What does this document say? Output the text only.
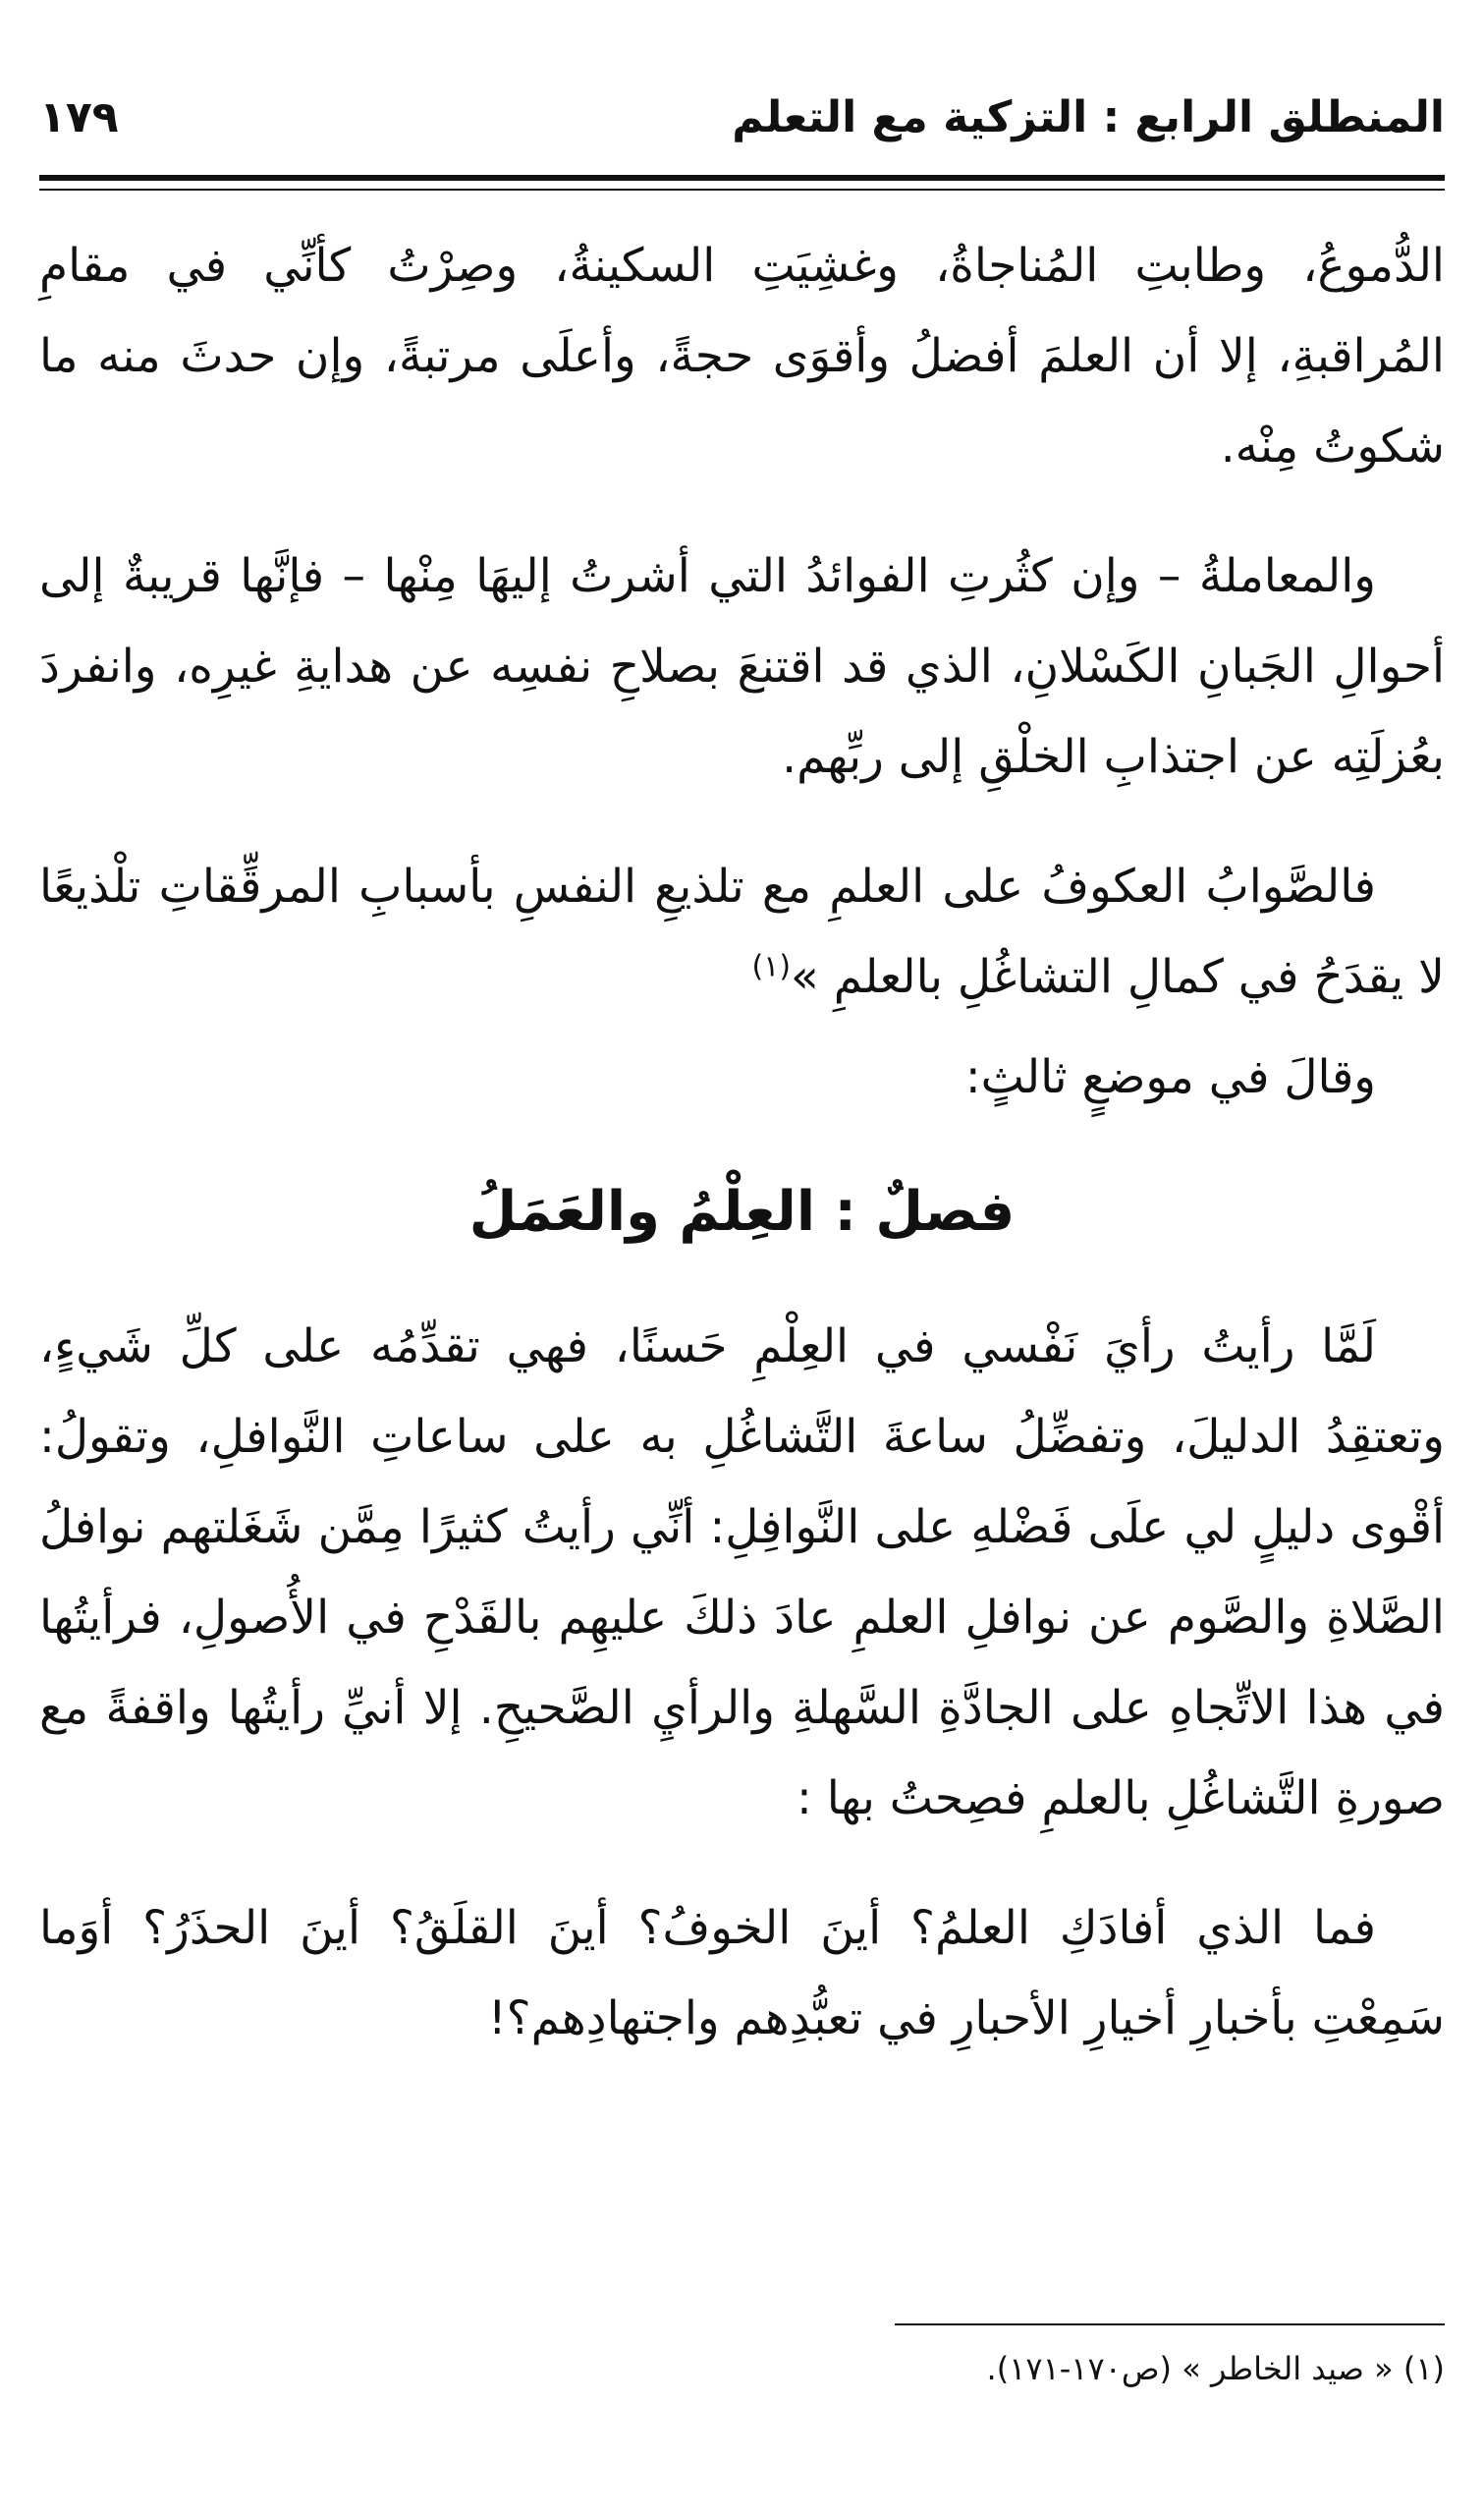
المنطلق الرابع : التزكية مع التعلم
١٧٩

الدُّموعُ، وطابتِ المُناجاةُ، وغشِيَتِ السكينةُ، وصِرْتُ كأنِّي في مقامِ المُراقبةِ، إلا أن العلمَ أفضلُ وأقوَى حجةً، وأعلَى مرتبةً، وإن حدثَ منه ما شكوتُ مِنْه.

والمعاملةُ – وإن كثُرتِ الفوائدُ التي أشرتُ إليهَا مِنْها – فإنَّها قريبةٌ إلى أحوالِ الجَبانِ الكَسْلانِ، الذي قد اقتنعَ بصلاحِ نفسِه عن هدايةِ غيرِه، وانفردَ بعُزلَتِه عن اجتذابِ الخلْقِ إلى ربِّهم.

فالصَّوابُ العكوفُ على العلمِ مع تلذيعِ النفسِ بأسبابِ المرقِّقاتِ تلْذيعًا لا يقدَحُ في كمالِ التشاغُلِ بالعلمِ »$^{(١)}$

وقالَ في موضعٍ ثالثٍ:

فصلٌ : العِلْمُ والعَمَلُ

لَمَّا رأيتُ رأيَ نَفْسي في العِلْمِ حَسنًا، فهي تقدِّمُه على كلِّ شَيءٍ، وتعتقِدُ الدليلَ، وتفضِّلُ ساعةَ التَّشاغُلِ به على ساعاتِ النَّوافلِ، وتقولُ: أقْوى دليلٍ لي علَى فَضْلهِ على النَّوافِلِ: أنِّي رأيتُ كثيرًا مِمَّن شَغَلتهم نوافلُ الصَّلاةِ والصَّوم عن نوافلِ العلمِ عادَ ذلكَ عليهِم بالقَدْحِ في الأُصولِ، فرأيتُها في هذا الاتِّجاهِ على الجادَّةِ السَّهلةِ والرأيِ الصَّحيحِ. إلا أنيِّ رأيتُها واقفةً مع صورةِ التَّشاغُلِ بالعلمِ فصِحتُ بها :

فما الذي أفادَكِ العلمُ؟ أينَ الخوفُ؟ أينَ القلَقُ؟ أينَ الحذَرُ؟ أوَما سَمِعْتِ بأخبارِ أخيارِ الأحبارِ في تعبُّدِهم واجتهادِهم؟!

(١) « صيد الخاطر » (ص١٧٠-١٧١).
